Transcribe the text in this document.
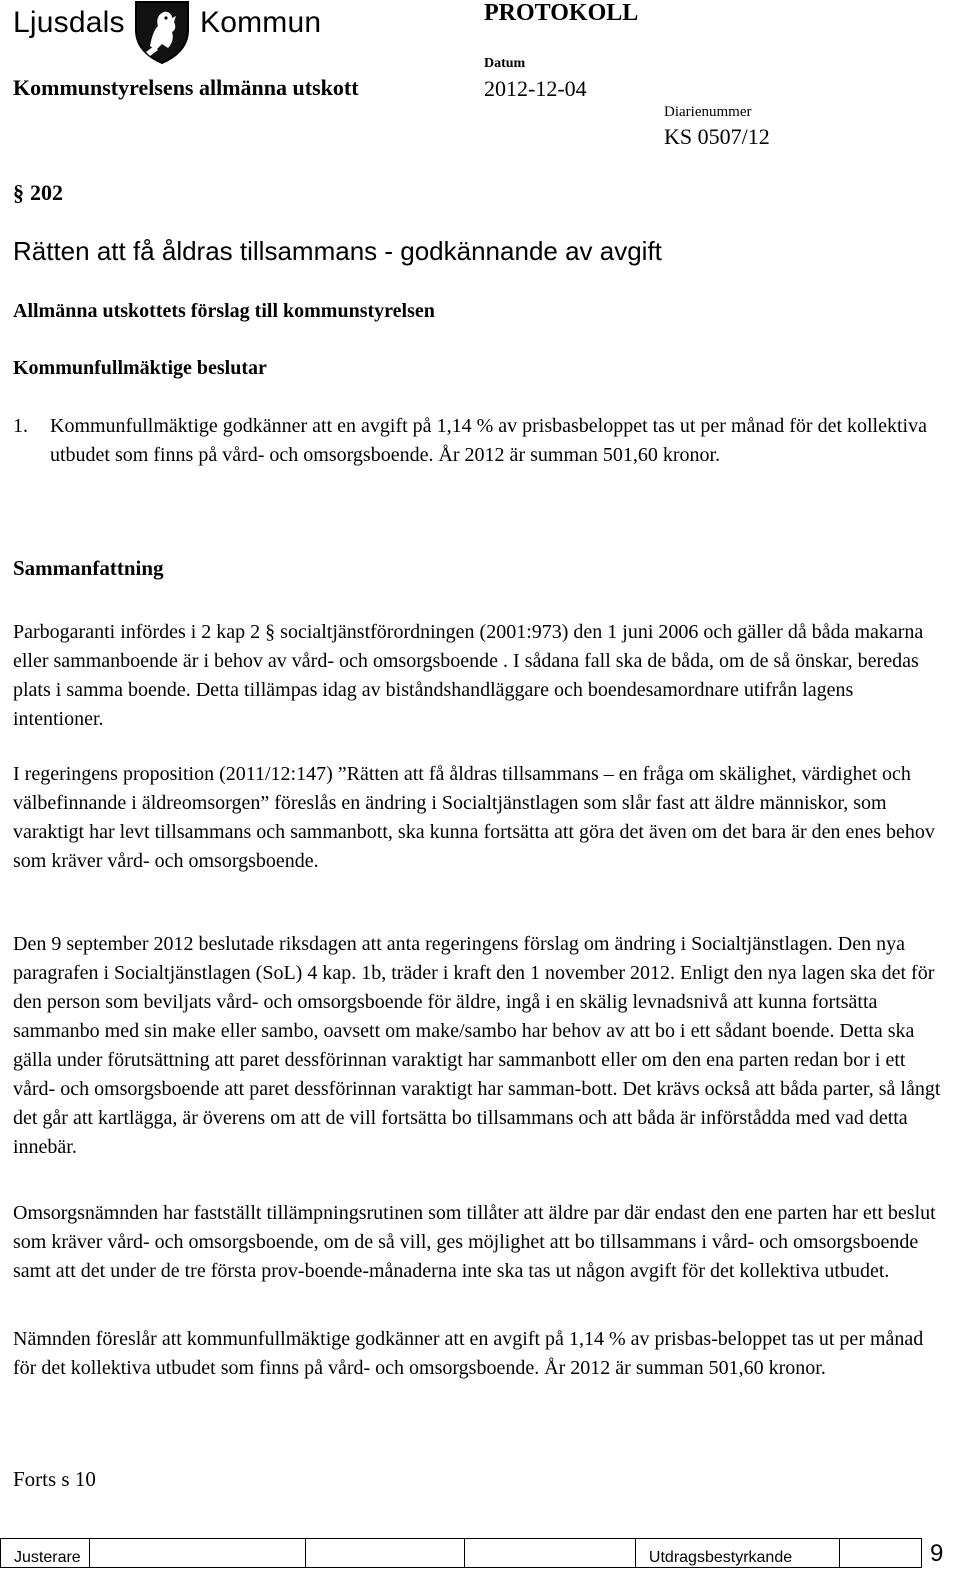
Ljusdals	Kommun
Kommunstyrelsens allmänna utskott
PROTOKOLL
Datum
2012-12-04
Diarienummer
KS 0507/12
§ 202
Rätten att få åldras tillsammans - godkännande av avgift
Allmänna utskottets förslag till kommunstyrelsen
Kommunfullmäktige beslutar
1. Kommunfullmäktige godkänner att en avgift på 1,14 % av prisbasbeloppet tas ut per månad för det kollektiva utbudet som finns på vård- och omsorgsboende. År 2012 är summan 501,60 kronor.
Sammanfattning

Parbogaranti infördes i 2 kap 2 § socialtjänstförordningen (2001:973) den 1 juni 2006 och gäller då båda makarna eller sammanboende är i behov av vård- och omsorgsboende . I sådana fall ska de båda, om de så önskar, beredas plats i samma boende. Detta tillämpas idag av biståndshandläggare och boendesamordnare utifrån lagens intentioner.

I regeringens proposition (2011/12:147) ”Rätten att få åldras tillsammans – en fråga om skälighet, värdighet och välbefinnande i äldreomsorgen” föreslås en ändring i Socialtjänstlagen som slår fast att äldre människor, som varaktigt har levt tillsammans och sammanbott, ska kunna fortsätta att göra det även om det bara är den enes behov som kräver vård- och omsorgsboende.

Den 9 september 2012 beslutade riksdagen att anta regeringens förslag om ändring i Socialtjänstlagen. Den nya paragrafen i Socialtjänstlagen (SoL) 4 kap. 1b, träder i kraft den 1 november 2012. Enligt den nya lagen ska det för den person som beviljats vård- och omsorgsboende för äldre, ingå i en skälig levnadsnivå att kunna fortsätta sammanbo med sin make eller sambo, oavsett om make/sambo har behov av att bo i ett sådant boende. Detta ska gälla under förutsättning att paret dessförinnan varaktigt har sammanbott eller om den ena parten redan bor i ett vård- och omsorgsboende att paret dessförinnan varaktigt har samman-bott. Det krävs också att båda parter, så långt det går att kartlägga, är överens om att de vill fortsätta bo tillsammans och att båda är införstådda med vad detta innebär.

Omsorgsnämnden har fastställt tillämpningsrutinen som tillåter att äldre par där endast den ene parten har ett beslut som kräver vård- och omsorgsboende, om de så vill, ges möjlighet att bo tillsammans i vård- och omsorgsboende samt att det under de tre första prov-boende-månaderna inte ska tas ut någon avgift för det kollektiva utbudet.

Nämnden föreslår att kommunfullmäktige godkänner att en avgift på 1,14 % av prisbas-beloppet tas ut per månad för det kollektiva utbudet som finns på vård- och omsorgsboende. År 2012 är summan 501,60 kronor.

Forts s 10
Justerare				Utdragsbestyrkande		9
